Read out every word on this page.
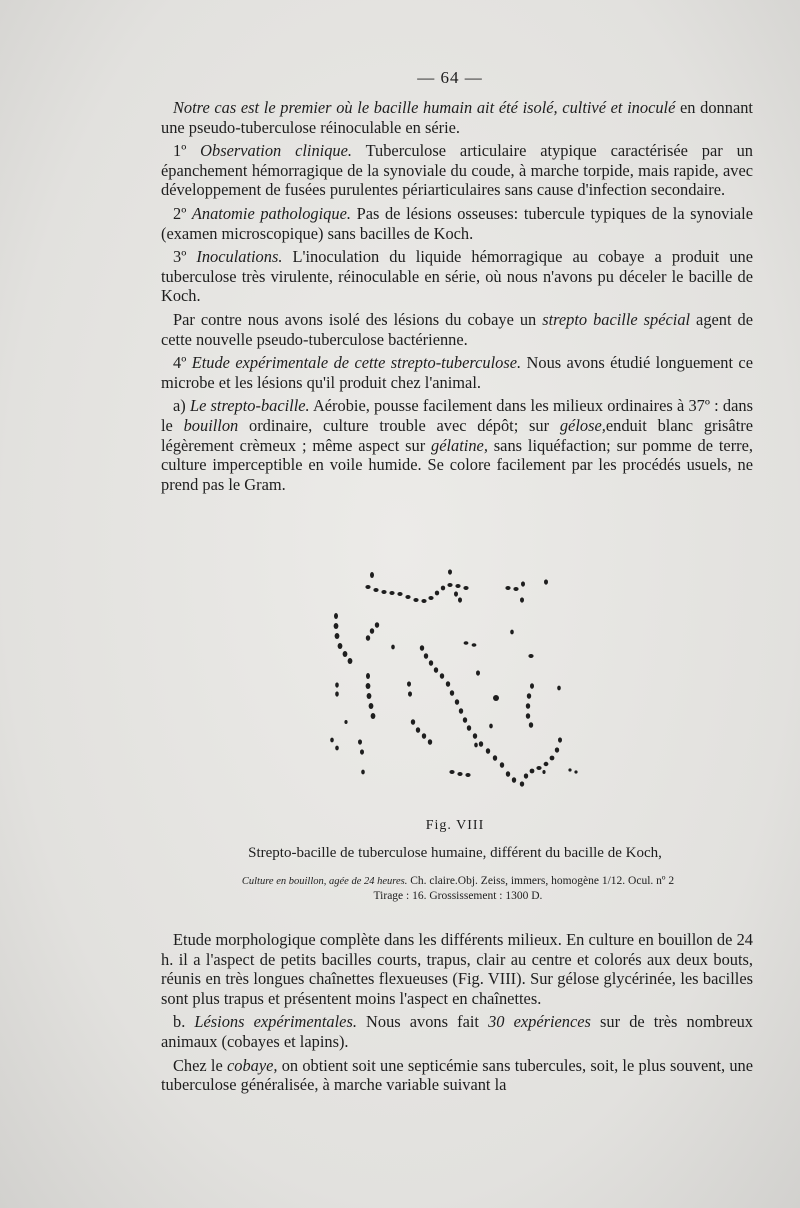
— 64 —

Notre cas est le premier où le bacille humain ait été isolé, cultivé et inoculé en donnant une pseudo-tuberculose réinoculable en série.

1º Observation clinique. Tuberculose articulaire atypique caractérisée par un épanchement hémorragique de la synoviale du coude, à marche torpide, mais rapide, avec développement de fusées purulentes périarticulaires sans cause d'infection secondaire.

2º Anatomie pathologique. Pas de lésions osseuses: tubercule typiques de la synoviale (examen microscopique) sans bacilles de Koch.

3º Inoculations. L'inoculation du liquide hémorragique au cobaye a produit une tuberculose très virulente, réinoculable en série, où nous n'avons pu déceler le bacille de Koch.

Par contre nous avons isolé des lésions du cobaye un strepto bacille spécial agent de cette nouvelle pseudo-tuberculose bactérienne.

4º Etude expérimentale de cette strepto-tuberculose. Nous avons étudié longuement ce microbe et les lésions qu'il produit chez l'animal.

a) Le strepto-bacille. Aérobie, pousse facilement dans les milieux ordinaires à 37º : dans le bouillon ordinaire, culture trouble avec dépôt; sur gélose,enduit blanc grisâtre légèrement crèmeux ; même aspect sur gélatine, sans liquéfaction; sur pomme de terre, culture imperceptible en voile humide. Se colore facilement par les procédés usuels, ne prend pas le Gram.

Fig. VIII
Strepto-bacille de tuberculose humaine, différent du bacille de Koch,
Culture en bouillon, agée de 24 heures. Ch. claire.Obj. Zeiss, immers, homogène 1/12. Ocul. nº 2
Tirage : 16. Grossissement : 1300 D.

Etude morphologique complète dans les différents milieux. En culture en bouillon de 24 h. il a l'aspect de petits bacilles courts, trapus, clair au centre et colorés aux deux bouts, réunis en très longues chaînettes flexueuses (Fig. VIII). Sur gélose glycérinée, les bacilles sont plus trapus et présentent moins l'aspect en chaînettes.

b. Lésions expérimentales. Nous avons fait 30 expériences sur de très nombreux animaux (cobayes et lapins).

Chez le cobaye, on obtient soit une septicémie sans tubercules, soit, le plus souvent, une tuberculose généralisée, à marche variable suivant la
